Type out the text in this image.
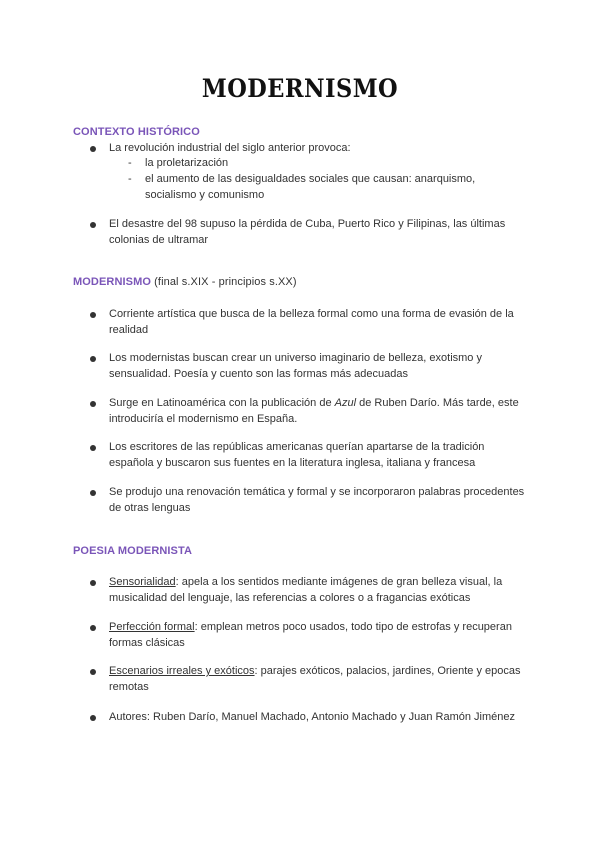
MODERNISMO
CONTEXTO HISTÓRICO
La revolución industrial del siglo anterior provoca:
- la proletarización
- el aumento de las desigualdades sociales que causan: anarquismo, socialismo y comunismo
El desastre del 98 supuso la pérdida de Cuba, Puerto Rico y Filipinas, las últimas colonias de ultramar
MODERNISMO (final s.XIX - principios s.XX)
Corriente artística que busca de la belleza formal como una forma de evasión de la realidad
Los modernistas buscan crear un universo imaginario de belleza, exotismo y sensualidad. Poesía y cuento son las formas más adecuadas
Surge en Latinoamérica con la publicación de Azul de Ruben Darío. Más tarde, este introduciría el modernismo en España.
Los escritores de las repúblicas americanas querían apartarse de la tradición española y buscaron sus fuentes en la literatura inglesa, italiana y francesa
Se produjo una renovación temática y formal y se incorporaron palabras procedentes de otras lenguas
POESIA MODERNISTA
Sensorialidad: apela a los sentidos mediante imágenes de gran belleza visual, la musicalidad del lenguaje, las referencias a colores o a fragancias exóticas
Perfección formal: emplean metros poco usados, todo tipo de estrofas y recuperan formas clásicas
Escenarios irreales y exóticos: parajes exóticos, palacios, jardines, Oriente y epocas remotas
Autores: Ruben Darío, Manuel Machado, Antonio Machado y Juan Ramón Jiménez
